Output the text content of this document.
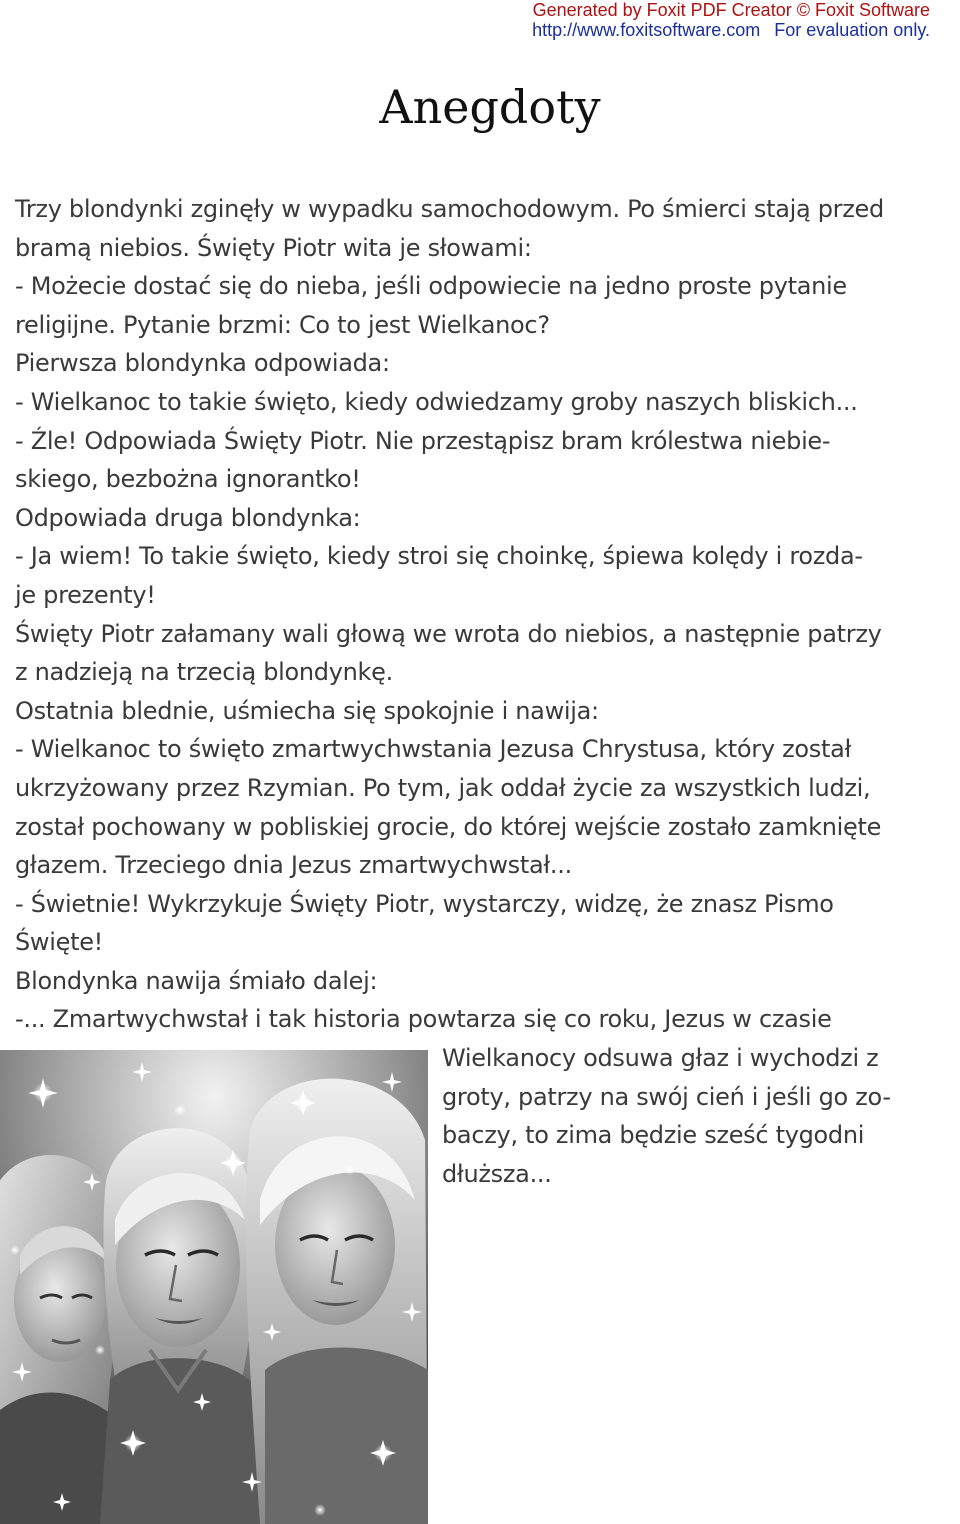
Generated by Foxit PDF Creator © Foxit Software
http://www.foxitsoftware.com For evaluation only.
Anegdoty

Trzy blondynki zginęły w wypadku samochodowym. Po śmierci stają przed

bramą niebios. Święty Piotr wita je słowami:

- Możecie dostać się do nieba, jeśli odpowiecie na jedno proste pytanie

religijne. Pytanie brzmi: Co to jest Wielkanoc?

Pierwsza blondynka odpowiada:

- Wielkanoc to takie święto, kiedy odwiedzamy groby naszych bliskich...

- Źle! Odpowiada Święty Piotr. Nie przestąpisz bram królestwa niebie-

skiego, bezbożna ignorantko!

Odpowiada druga blondynka:

- Ja wiem! To takie święto, kiedy stroi się choinkę, śpiewa kolędy i rozda-

je prezenty!

Święty Piotr załamany wali głową we wrota do niebios, a następnie patrzy

z nadzieją na trzecią blondynkę.

Ostatnia blednie, uśmiecha się spokojnie i nawija:

- Wielkanoc to święto zmartwychwstania Jezusa Chrystusa, który został

ukrzyżowany przez Rzymian. Po tym, jak oddał życie za wszystkich ludzi,

został pochowany w pobliskiej grocie, do której wejście zostało zamknięte

głazem. Trzeciego dnia Jezus zmartwychwstał...

- Świetnie! Wykrzykuje Święty Piotr, wystarczy, widzę, że znasz Pismo

Święte!

Blondynka nawija śmiało dalej:

-... Zmartwychwstał i tak historia powtarza się co roku, Jezus w czasie

Wielkanocy odsuwa głaz i wychodzi z

groty, patrzy na swój cień i jeśli go zo-

baczy, to zima będzie sześć tygodni

dłuższa...
